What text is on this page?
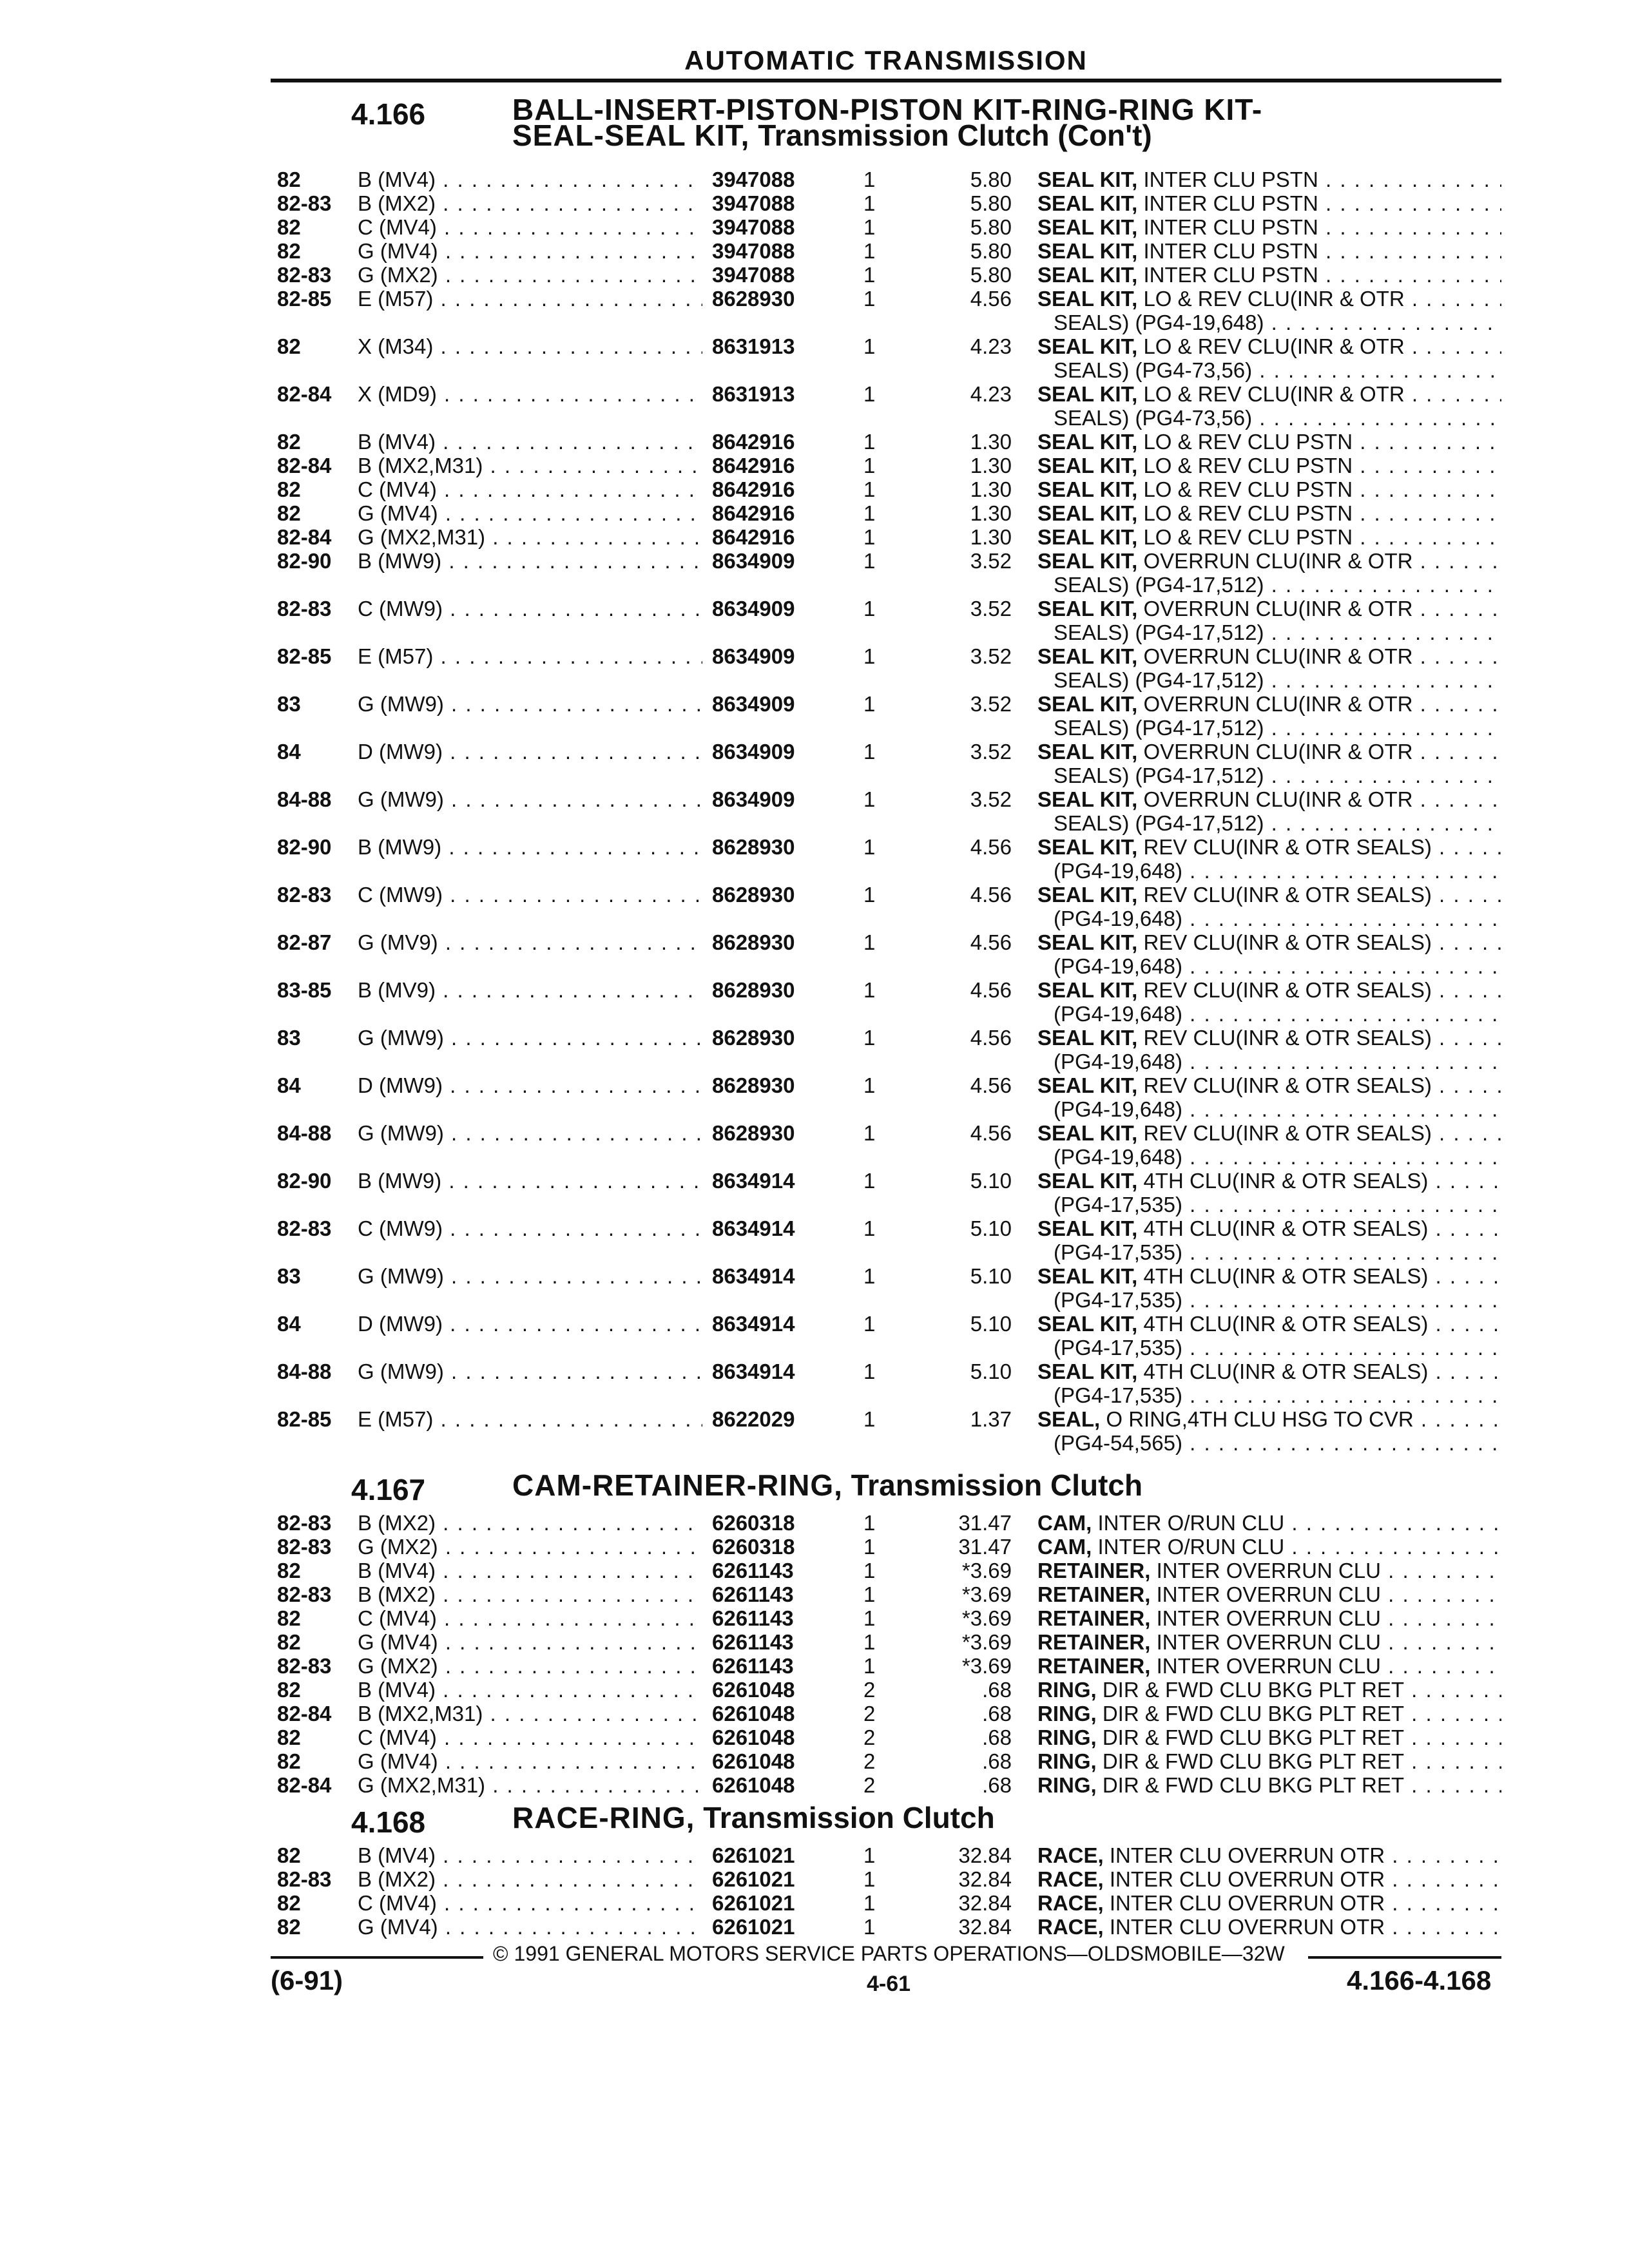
AUTOMATIC TRANSMISSION
4.166	BALL-INSERT-PISTON-PISTON KIT-RING-RING KIT-
SEAL-SEAL KIT, Transmission Clutch (Con't)
82	B (MV4) . . .	3947088	1	5.80 SEAL KIT, INTER CLU PSTN . . .
82-83 B (MX2) . . .	3947088	1	5.80 SEAL KIT, INTER CLU PSTN . . .
82	C (MV4) . . .	3947088	1	5.80 SEAL KIT, INTER CLU PSTN . . .
82	G (MV4) . . .	3947088	1	5.80 SEAL KIT, INTER CLU PSTN . . .
82-83 G (MX2) . . .	3947088	1	5.80 SEAL KIT, INTER CLU PSTN . . .
82-85 E (M57) . . .	8628930	1	4.56 SEAL KIT, LO & REV CLU(INR & OTR . . .
SEALS) (PG4-19,648) . . .
82	X (M34) . . .	8631913	1	4.23 SEAL KIT, LO & REV CLU(INR & OTR . . .
SEALS) (PG4-73,56) . . .
82-84 X (MD9) . . .	8631913	1	4.23 SEAL KIT, LO & REV CLU(INR & OTR . . .
SEALS) (PG4-73,56) . . .
82	B (MV4) . . .	8642916	1	1.30 SEAL KIT, LO & REV CLU PSTN . . .
82-84 B (MX2,M31) . . .	8642916	1	1.30 SEAL KIT, LO & REV CLU PSTN . . .
82	C (MV4) . . .	8642916	1	1.30 SEAL KIT, LO & REV CLU PSTN . . .
82	G (MV4) . . .	8642916	1	1.30 SEAL KIT, LO & REV CLU PSTN . . .
82-84 G (MX2,M31) . . .	8642916	1	1.30 SEAL KIT, LO & REV CLU PSTN . . .
82-90 B (MW9) . . .	8634909	1	3.52 SEAL KIT, OVERRUN CLU(INR & OTR . . .
SEALS) (PG4-17,512) . . .
82-83 C (MW9) . . .	8634909	1	3.52 SEAL KIT, OVERRUN CLU(INR & OTR . . .
SEALS) (PG4-17,512) . . .
82-85 E (M57) . . .	8634909	1	3.52 SEAL KIT, OVERRUN CLU(INR & OTR . . .
SEALS) (PG4-17,512) . . .
83	G (MW9) . . .	8634909	1	3.52 SEAL KIT, OVERRUN CLU(INR & OTR . . .
SEALS) (PG4-17,512) . . .
84	D (MW9) . . .	8634909	1	3.52 SEAL KIT, OVERRUN CLU(INR & OTR . . .
SEALS) (PG4-17,512) . . .
84-88 G (MW9) . . .	8634909	1	3.52 SEAL KIT, OVERRUN CLU(INR & OTR . . .
SEALS) (PG4-17,512) . . .
82-90 B (MW9) . . .	8628930	1	4.56 SEAL KIT, REV CLU(INR & OTR SEALS) . . .
(PG4-19,648) . . .
82-83 C (MW9) . . .	8628930	1	4.56 SEAL KIT, REV CLU(INR & OTR SEALS) . . .
(PG4-19,648) . . .
82-87 G (MV9) . . .	8628930	1	4.56 SEAL KIT, REV CLU(INR & OTR SEALS) . . .
(PG4-19,648) . . .
83-85 B (MV9) . . .	8628930	1	4.56 SEAL KIT, REV CLU(INR & OTR SEALS) . . .
(PG4-19,648) . . .
83	G (MW9) . . .	8628930	1	4.56 SEAL KIT, REV CLU(INR & OTR SEALS) . . .
(PG4-19,648) . . .
84	D (MW9) . . .	8628930	1	4.56 SEAL KIT, REV CLU(INR & OTR SEALS) . . .
(PG4-19,648) . . .
84-88 G (MW9) . . .	8628930	1	4.56 SEAL KIT, REV CLU(INR & OTR SEALS) . . .
(PG4-19,648) . . .
82-90 B (MW9) . . .	8634914	1	5.10 SEAL KIT, 4TH CLU(INR & OTR SEALS) . . .
(PG4-17,535) . . .
82-83 C (MW9) . . .	8634914	1	5.10 SEAL KIT, 4TH CLU(INR & OTR SEALS) . . .
(PG4-17,535) . . .
83	G (MW9) . . .	8634914	1	5.10 SEAL KIT, 4TH CLU(INR & OTR SEALS) . . .
(PG4-17,535) . . .
84	D (MW9) . . .	8634914	1	5.10 SEAL KIT, 4TH CLU(INR & OTR SEALS) . . .
(PG4-17,535) . . .
84-88 G (MW9) . . .	8634914	1	5.10 SEAL KIT, 4TH CLU(INR & OTR SEALS) . . .
(PG4-17,535) . . .
82-85 E (M57) . . .	8622029	1	1.37 SEAL, O RING,4TH CLU HSG TO CVR . . .
(PG4-54,565) . . .
4.167	CAM-RETAINER-RING, Transmission Clutch
82-83 B (MX2) . . .	6260318	1	31.47 CAM, INTER O/RUN CLU . . .
82-83 G (MX2) . . .	6260318	1	31.47 CAM, INTER O/RUN CLU . . .
82	B (MV4) . . .	6261143	1	*3.69 RETAINER, INTER OVERRUN CLU . . .
82-83 B (MX2) . . .	6261143	1	*3.69 RETAINER, INTER OVERRUN CLU . . .
82	C (MV4) . . .	6261143	1	*3.69 RETAINER, INTER OVERRUN CLU . . .
82	G (MV4) . . .	6261143	1	*3.69 RETAINER, INTER OVERRUN CLU . . .
82-83 G (MX2) . . .	6261143	1	*3.69 RETAINER, INTER OVERRUN CLU . . .
82	B (MV4) . . .	6261048	2	.68 RING, DIR & FWD CLU BKG PLT RET . . .
82-84 B (MX2,M31) . . .	6261048	2	.68 RING, DIR & FWD CLU BKG PLT RET . . .
82	C (MV4) . . .	6261048	2	.68 RING, DIR & FWD CLU BKG PLT RET . . .
82	G (MV4) . . .	6261048	2	.68 RING, DIR & FWD CLU BKG PLT RET . . .
82-84 G (MX2,M31) . . .	6261048	2	.68 RING, DIR & FWD CLU BKG PLT RET . . .
4.168	RACE-RING, Transmission Clutch
82	B (MV4) . . .	6261021	1	32.84 RACE, INTER CLU OVERRUN OTR . . .
82-83 B (MX2) . . .	6261021	1	32.84 RACE, INTER CLU OVERRUN OTR . . .
82	C (MV4) . . .	6261021	1	32.84 RACE, INTER CLU OVERRUN OTR . . .
82	G (MV4) . . .	6261021	1	32.84 RACE, INTER CLU OVERRUN OTR . . .
© 1991 GENERAL MOTORS SERVICE PARTS OPERATIONS—OLDSMOBILE—32W
(6-91)	4-61	4.166-4.168
